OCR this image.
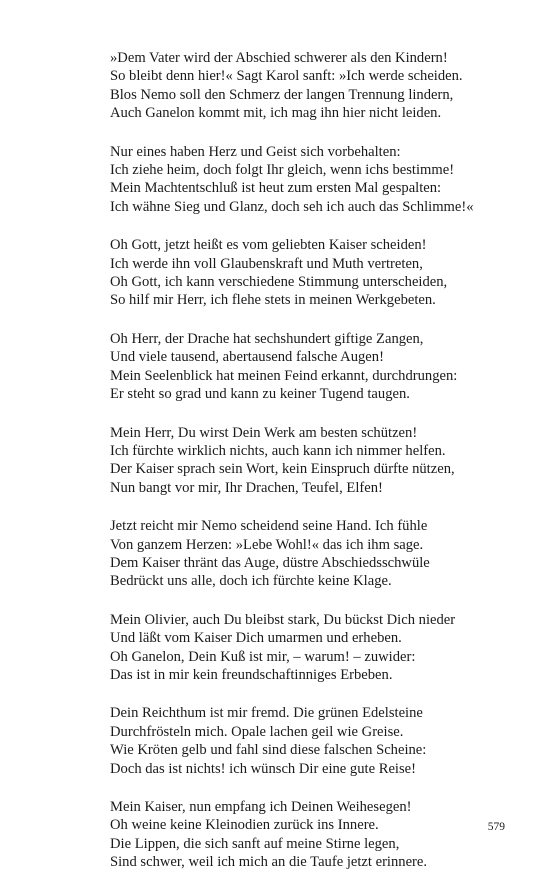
»Dem Vater wird der Abschied schwerer als den Kindern!
So bleibt denn hier!« Sagt Karol sanft: »Ich werde scheiden.
Blos Nemo soll den Schmerz der langen Trennung lindern,
Auch Ganelon kommt mit, ich mag ihn hier nicht leiden.
Nur eines haben Herz und Geist sich vorbehalten:
Ich ziehe heim, doch folgt Ihr gleich, wenn ichs bestimme!
Mein Machtentschluß ist heut zum ersten Mal gespalten:
Ich wähne Sieg und Glanz, doch seh ich auch das Schlimme!«
Oh Gott, jetzt heißt es vom geliebten Kaiser scheiden!
Ich werde ihn voll Glaubenskraft und Muth vertreten,
Oh Gott, ich kann verschiedene Stimmung unterscheiden,
So hilf mir Herr, ich flehe stets in meinen Werkgebeten.
Oh Herr, der Drache hat sechshundert giftige Zangen,
Und viele tausend, abertausend falsche Augen!
Mein Seelenblick hat meinen Feind erkannt, durchdrungen:
Er steht so grad und kann zu keiner Tugend taugen.
Mein Herr, Du wirst Dein Werk am besten schützen!
Ich fürchte wirklich nichts, auch kann ich nimmer helfen.
Der Kaiser sprach sein Wort, kein Einspruch dürfte nützen,
Nun bangt vor mir, Ihr Drachen, Teufel, Elfen!
Jetzt reicht mir Nemo scheidend seine Hand. Ich fühle
Von ganzem Herzen: »Lebe Wohl!« das ich ihm sage.
Dem Kaiser thränt das Auge, düstre Abschiedsschwüle
Bedrückt uns alle, doch ich fürchte keine Klage.
Mein Olivier, auch Du bleibst stark, Du bückst Dich nieder
Und läßt vom Kaiser Dich umarmen und erheben.
Oh Ganelon, Dein Kuß ist mir, – warum! – zuwider:
Das ist in mir kein freundschaftinniges Erbeben.
Dein Reichthum ist mir fremd. Die grünen Edelsteine
Durchfrösteln mich. Opale lachen geil wie Greise.
Wie Kröten gelb und fahl sind diese falschen Scheine:
Doch das ist nichts! ich wünsch Dir eine gute Reise!
Mein Kaiser, nun empfang ich Deinen Weihesegen!
Oh weine keine Kleinodien zurück ins Innere.
Die Lippen, die sich sanft auf meine Stirne legen,
Sind schwer, weil ich mich an die Taufe jetzt erinnere.
579
